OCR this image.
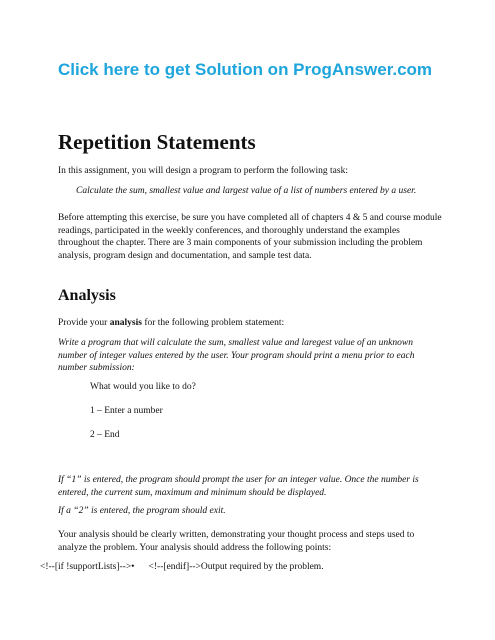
Click here to get Solution on ProgAnswer.com
Repetition Statements

In this assignment, you will design a program to perform the following task:

Calculate the sum, smallest value and largest value of a list of numbers entered by a user.

Before attempting this exercise, be sure you have completed all of chapters 4 & 5 and course module readings, participated in the weekly conferences, and thoroughly understand the examples throughout the chapter. There are 3 main components of your submission including the problem analysis, program design and documentation, and sample test data.

Analysis

Provide your analysis for the following problem statement:

Write a program that will calculate the sum, smallest value and laregest value of an unknown number of integer values entered by the user. Your program should print a menu prior to each number submission:

What would you like to do?

1 – Enter a number

2 – End

If “1” is entered, the program should prompt the user for an integer value. Once the number is entered, the current sum, maximum and minimum should be displayed.

If a “2” is entered, the program should exit.

Your analysis should be clearly written, demonstrating your thought process and steps used to analyze the problem. Your analysis should address the following points:

<!--[if !supportLists]-->• <!--[endif]-->Output required by the problem.
